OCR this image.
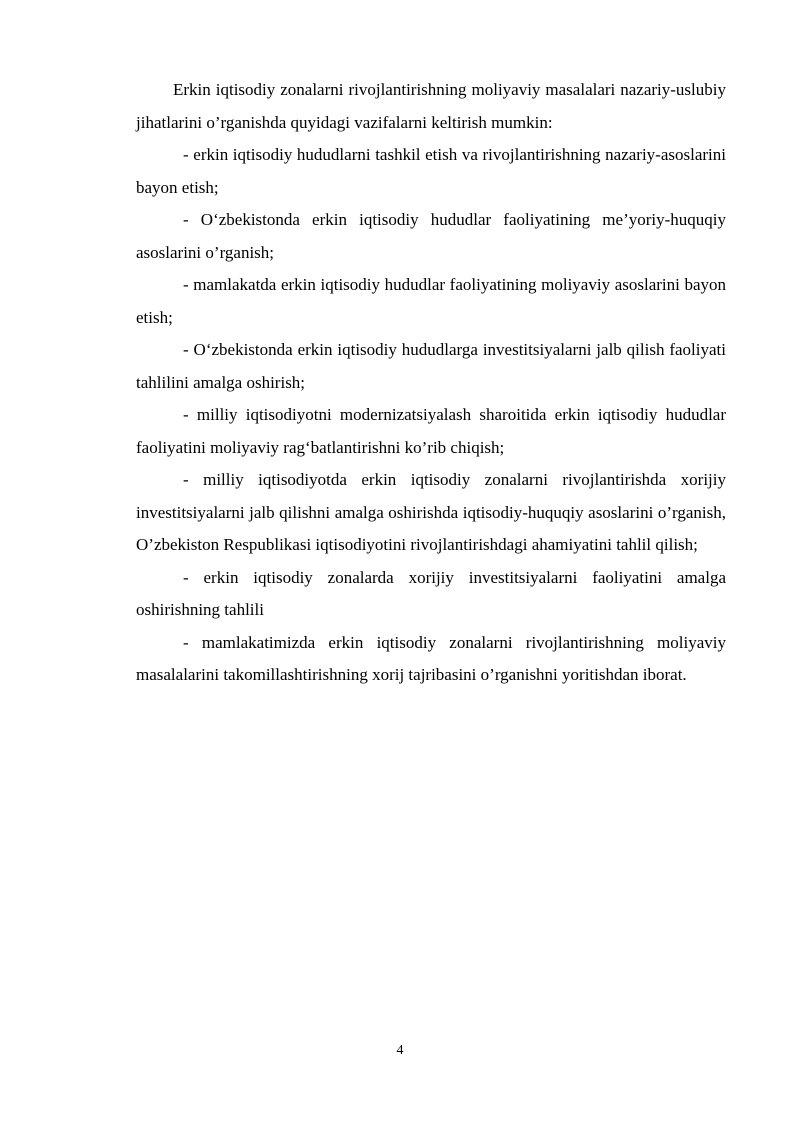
Erkin iqtisodiy zonalarni rivojlantirishning moliyaviy masalalari nazariy-uslubiy jihatlarini o’rganishda quyidagi vazifalarni keltirish mumkin:

- erkin iqtisodiy hududlarni tashkil etish va rivojlantirishning nazariy-asoslarini bayon etish;

- O‘zbekistonda erkin iqtisodiy hududlar faoliyatining me’yoriy-huquqiy asoslarini o’rganish;

- mamlakatda erkin iqtisodiy hududlar faoliyatining moliyaviy asoslarini bayon etish;

- O‘zbekistonda erkin iqtisodiy hududlarga investitsiyalarni jalb qilish faoliyati tahlilini amalga oshirish;

- milliy iqtisodiyotni modernizatsiyalash sharoitida erkin iqtisodiy hududlar faoliyatini moliyaviy rag‘batlantirishni ko’rib chiqish;

- milliy iqtisodiyotda erkin iqtisodiy zonalarni rivojlantirishda xorijiy investitsiyalarni jalb qilishni amalga oshirishda iqtisodiy-huquqiy asoslarini o’rganish, O’zbekiston Respublikasi iqtisodiyotini rivojlantirishdagi ahamiyatini tahlil qilish;

- erkin iqtisodiy zonalarda xorijiy investitsiyalarni faoliyatini amalga oshirishning tahlili

- mamlakatimizda erkin iqtisodiy zonalarni rivojlantirishning moliyaviy masalalarini takomillashtirishning xorij tajribasini o’rganishni yoritishdan iborat.

4
